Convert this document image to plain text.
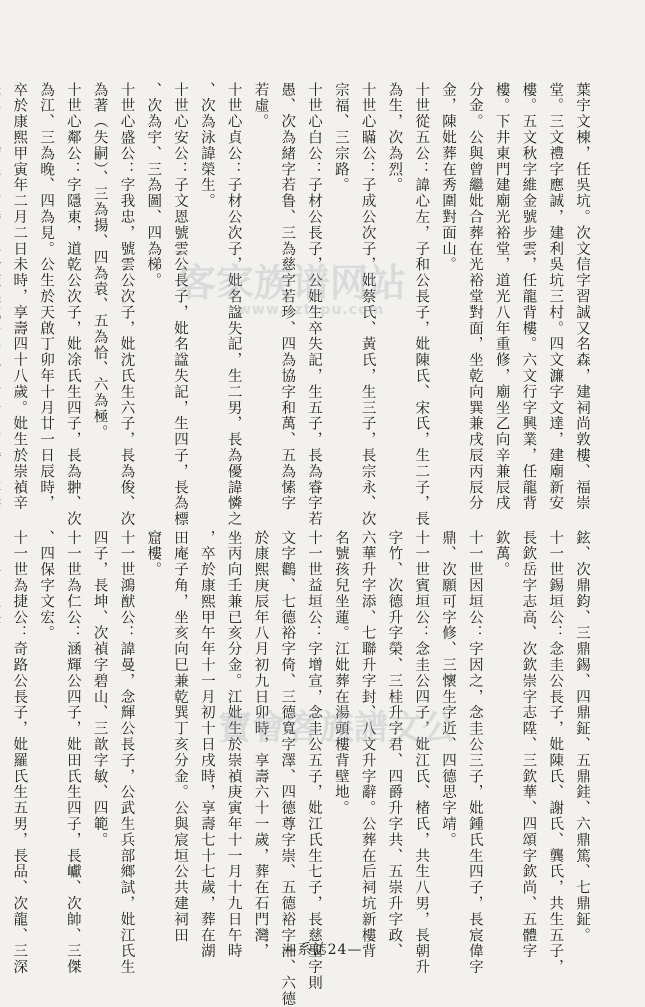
葉宇文棟，任吳坑。次文信字習誠又名森，建祠尚敦樓、福崇
堂。三文禮字應誠，建利吳坑三村。四文濂字文達，建廟新安
樓。五文秋字維金號步雲，任龍背樓。六文行字興業，任龍背
樓。下井東門建廟光裕堂，道光八年重修，廟坐乙向辛兼辰戌
分金。公與曾繼妣合葬在光裕堂對面，坐乾向巽兼戌辰丙辰分
金，陳妣葬在秀圍對面山。
十世從五公：諱心左，子和公長子，妣陳氏、宋氏，生二子，長
為生，次為烈。
十世心瞞公：子成公次子，妣蔡氏、黃氏，生三子，長宗永、次
宗福、三宗路。
十世心白公：子材公長子，公妣生卒失記，生五子，長為睿字若
愚、次為緒字若鲁、三為慈字若珍、四為協字和萬、五為愫字
若虛。
十世心貞公：子材公次子，妣名諡失記，生二男，長為優諱憐之
、次為泳諱榮生。
十世心安公：子文恩號雲公長子，妣名諡失記，生四子，長為標
、次為宇、三為圖、四為梯。
十世心盛公：字我忠，號雲公次子，妣沈氏生六子，長為俊、次
為著（失嗣）、三為揚、四為袁、五為恰、六為極。
十世心鄰公：字隱東，道乾公次子，妣凃氏生四子，長為翀、次
為江、三為晚、四為見。公生於天啟丁卯年十月廿一日辰時，
卒於康熙甲寅年二月二日未時，享壽四十八歲。妣生於崇禎辛
鉉、次鼎鈞、三鼎錫、四鼎鉦、五鼎銈、六鼎篤、七鼎鉦。
十一世錫垣公：念圭公長子，妣陳氏、謝氏、龔氏，共生五子，
長欽岳字志高、次欽崇字志陞、三欽華、四頌字欽尚、五體字
欽萬。
十一世因垣公：字因之，念圭公三子，妣鍾氏生四子，長宸偉字
鼎、次願可字修、三懷生字近、四德思字靖。
十一世賓垣公：念圭公四子，妣江氏、楮氏，共生八男，長朝升
字竹、次德升字榮、三桂升字君、四爵升字共、五崇升字政、
六華升字添、七聯升字封、八文升字辭。公葬在后祠坑新樓背
名號孩兒坐蓮。江妣葬在湯頭樓背壁地。
十一世益垣公：字增宣，念圭公五子，妣江氏生七子，長慈聖字則
文字鸛、七德裕字倚、三德寬字澤、四德尊字崇、五德裕字湘、六德
於康熙庚辰年八月初九日卯時，享壽六十一歲，葬在石門灣，
坐丙向壬兼已亥分金。江妣生於崇禎庚寅年十一月十九日午時
，卒於康熙甲午年十一月初十日戌時，享壽七十七歲，葬在湖
田庵子角，坐亥向巳兼乾巽丁亥分金。公與宸垣公共建祠田
窟樓。
十一世鴻猷公：諱曼，念輝公長子，公武生兵部鄉試，妣江氏生
四子，長坤、次禎字碧山、三歆字敏、四範。
十一世為仁公：涵輝公四子，妣田氏生四子，長巘、次帥、三傑
、四保字文宏。
十一世為捷公：奇路公長子，妣羅氏生五男，長品、次龍、三深
客家族谱网站
www.zztzpu.com
寶會客族譜文公
—系誌24—
